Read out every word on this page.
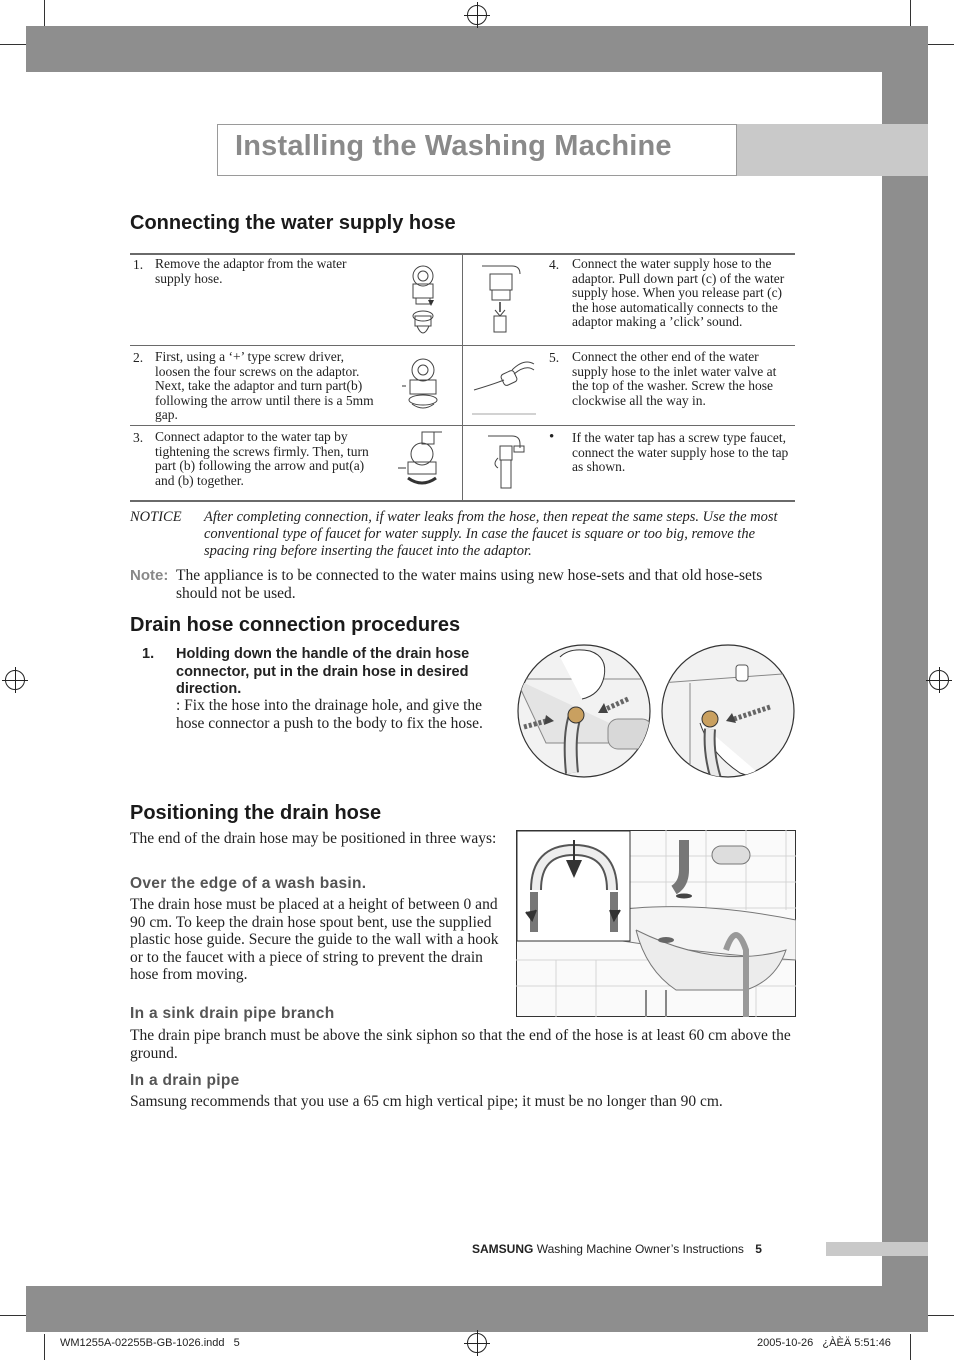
Installing the Washing Machine
Connecting the water supply hose
1. Remove the adaptor from the water supply hose.
4. Connect the water supply hose to the adaptor. Pull down part (c) of the water supply hose. When you release part (c) the hose automatically connects to the adaptor making a ’click’ sound.
2. First, using a ‘+’ type screw driver, loosen the four screws on the adaptor. Next, take the adaptor and turn part(b) following the arrow until there is a 5mm gap.
5. Connect the other end of the water supply hose to the inlet water valve at the top of the washer. Screw the hose clockwise all the way in.
3. Connect adaptor to the water tap by tightening the screws firmly. Then, turn part (b) following the arrow and put(a) and (b) together.
• If the water tap has a screw type faucet, connect the water supply hose to the tap as shown.
NOTICE After completing connection, if water leaks from the hose, then repeat the same steps. Use the most conventional type of faucet for water supply. In case the faucet is square or too big, remove the spacing ring before inserting the faucet into the adaptor.
Note: The appliance is to be connected to the water mains using new hose-sets and that old hose-sets should not be used.
Drain hose connection procedures
1. Holding down the handle of the drain hose connector, put in the drain hose in desired direction.
: Fix the hose into the drainage hole, and give the hose connector a push to the body to fix the hose.
Positioning the drain hose
The end of the drain hose may be positioned in three ways:
Over the edge of a wash basin.
The drain hose must be placed at a height of between 0 and 90 cm. To keep the drain hose spout bent, use the supplied plastic hose guide. Secure the guide to the wall with a hook or to the faucet with a piece of string to prevent the drain hose from moving.
In a sink drain pipe branch
The drain pipe branch must be above the sink siphon so that the end of the hose is at least 60 cm above the ground.
In a drain pipe
Samsung recommends that you use a 65 cm high vertical pipe; it must be no longer than 90 cm.
SAMSUNG Washing Machine Owner’s Instructions 5
WM1255A-02255B-GB-1026.indd   5	2005-10-26   ¿ÀÈÄ 5:51:46
